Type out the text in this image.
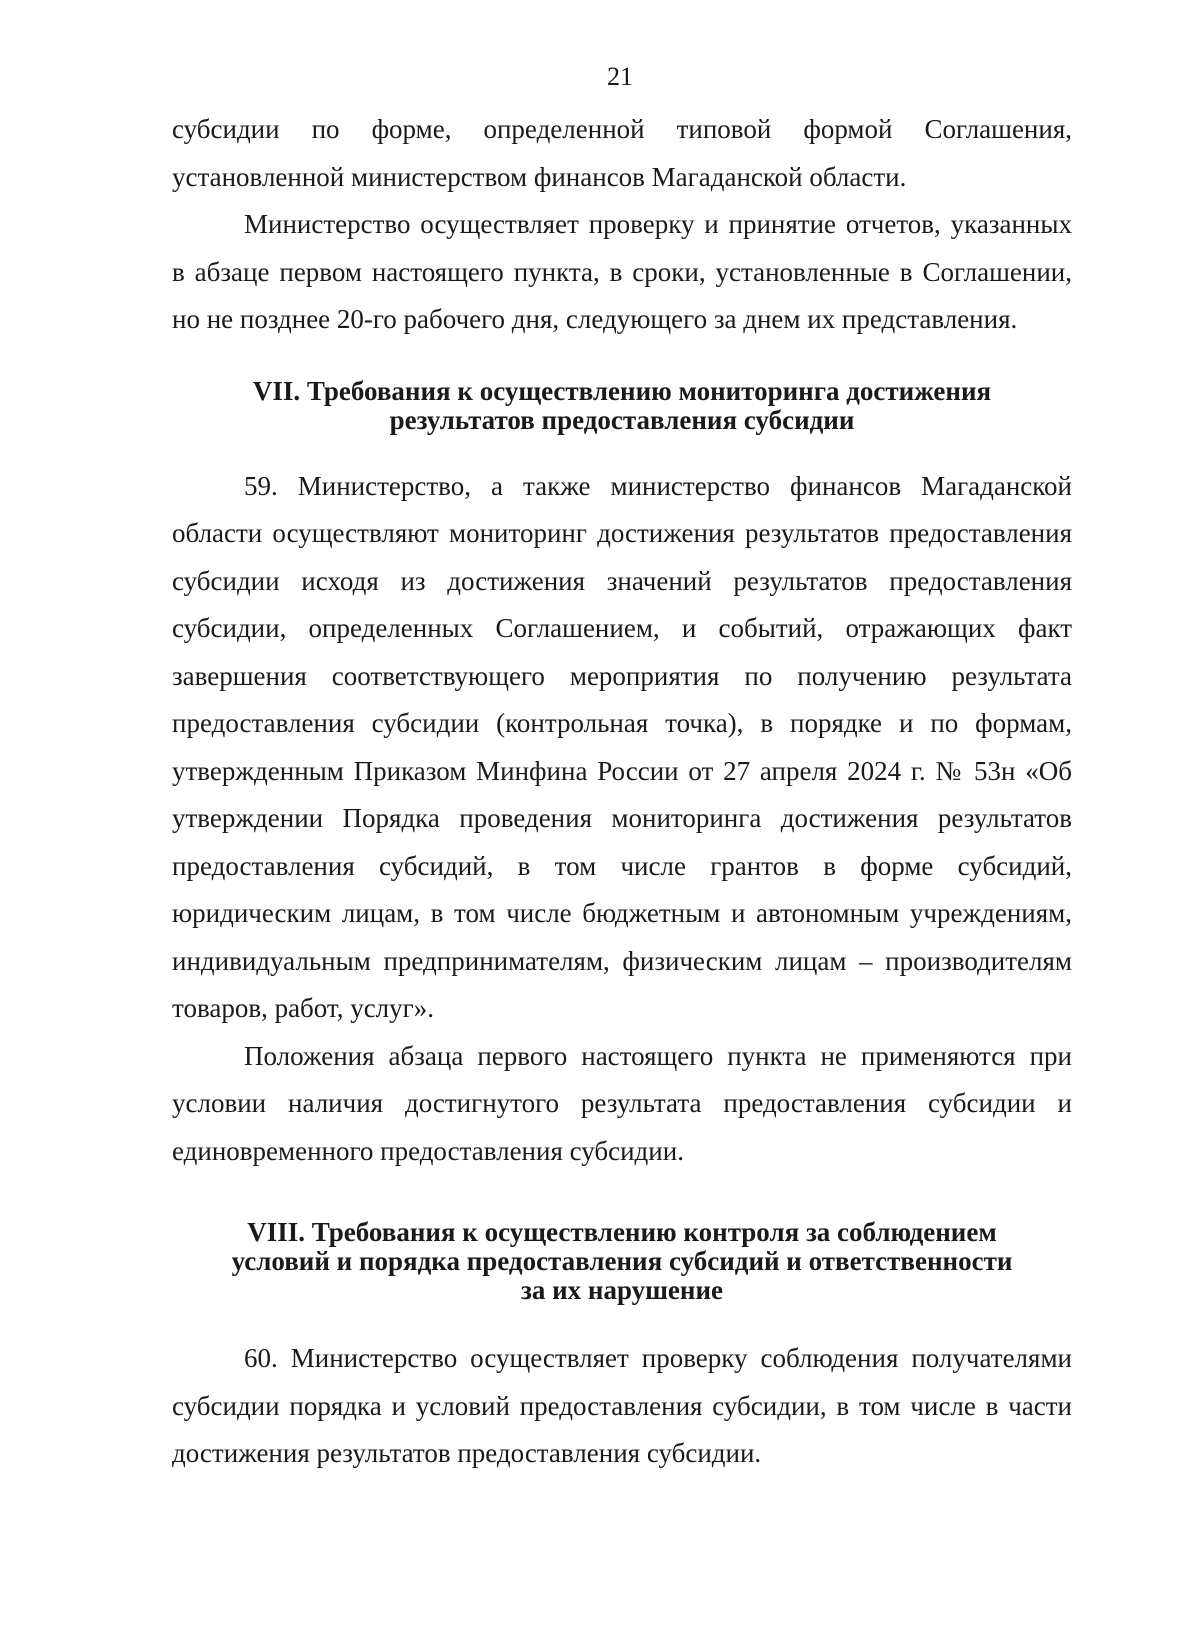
21

субсидии по форме, определенной типовой формой Соглашения, установленной министерством финансов Магаданской области.

Министерство осуществляет проверку и принятие отчетов, указанных в абзаце первом настоящего пункта, в сроки, установленные в Соглашении, но не позднее 20-го рабочего дня, следующего за днем их представления.

VII. Требования к осуществлению мониторинга достижения
результатов предоставления субсидии

59. Министерство, а также министерство финансов Магаданской области осуществляют мониторинг достижения результатов предоставления субсидии исходя из достижения значений результатов предоставления субсидии, определенных Соглашением, и событий, отражающих факт завершения соответствующего мероприятия по получению результата предоставления субсидии (контрольная точка), в порядке и по формам, утвержденным Приказом Минфина России от 27 апреля 2024 г. № 53н «Об утверждении Порядка проведения мониторинга достижения результатов предоставления субсидий, в том числе грантов в форме субсидий, юридическим лицам, в том числе бюджетным и автономным учреждениям, индивидуальным предпринимателям, физическим лицам – производителям товаров, работ, услуг».

Положения абзаца первого настоящего пункта не применяются при условии наличия достигнутого результата предоставления субсидии и единовременного предоставления субсидии.

VIII. Требования к осуществлению контроля за соблюдением
условий и порядка предоставления субсидий и ответственности
за их нарушение

60. Министерство осуществляет проверку соблюдения получателями субсидии порядка и условий предоставления субсидии, в том числе в части достижения результатов предоставления субсидии.
